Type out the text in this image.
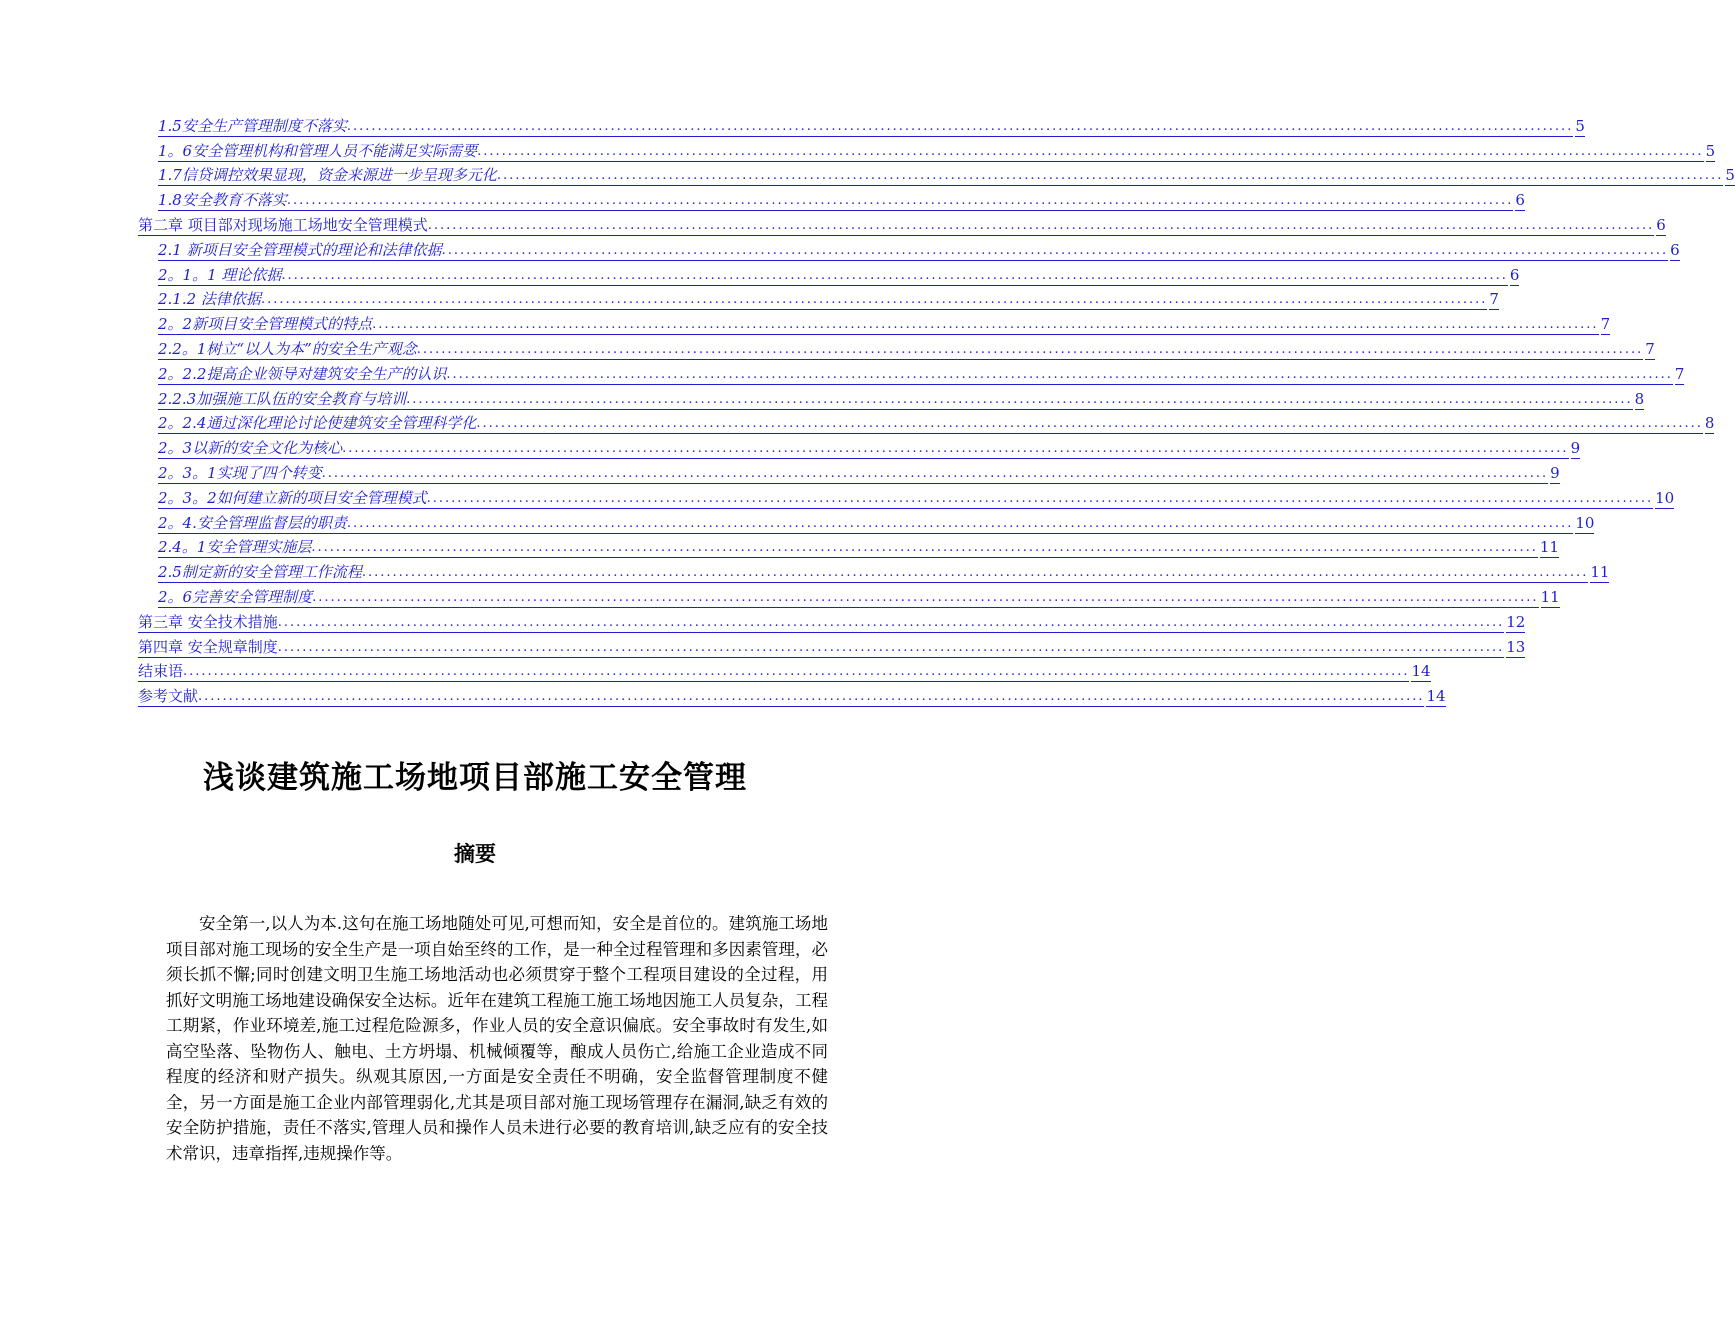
1.5安全生产管理制度不落实 ........................................................................................................................................................................................................ 5
1。6安全管理机构和管理人员不能满足实际需要 ........................................................................................................................................................................................................ 5
1.7信贷调控效果显现，资金来源进一步呈现多元化 ........................................................................................................................................................................................................ 5
1.8安全教育不落实 ........................................................................................................................................................................................................ 6
第二章 项目部对现场施工场地安全管理模式 ........................................................................................................................................................................................................ 6
2.1 新项目安全管理模式的理论和法律依据 ........................................................................................................................................................................................................ 6
2。1。1 理论依据 ........................................................................................................................................................................................................ 6
2.1.2 法律依据 ........................................................................................................................................................................................................ 7
2。2新项目安全管理模式的特点 ........................................................................................................................................................................................................ 7
2.2。1树立“以人为本”的安全生产观念 ........................................................................................................................................................................................................ 7
2。2.2提高企业领导对建筑安全生产的认识 ........................................................................................................................................................................................................ 7
2.2.3加强施工队伍的安全教育与培训 ........................................................................................................................................................................................................ 8
2。2.4通过深化理论讨论使建筑安全管理科学化 ........................................................................................................................................................................................................ 8
2。3以新的安全文化为核心 ........................................................................................................................................................................................................ 9
2。3。1实现了四个转变 ........................................................................................................................................................................................................ 9
2。3。2如何建立新的项目安全管理模式 ........................................................................................................................................................................................................ 10
2。4.安全管理监督层的职责 ........................................................................................................................................................................................................ 10
2.4。1安全管理实施层 ........................................................................................................................................................................................................ 11
2.5制定新的安全管理工作流程 ........................................................................................................................................................................................................ 11
2。6完善安全管理制度 ........................................................................................................................................................................................................ 11
第三章 安全技术措施 ........................................................................................................................................................................................................ 12
第四章 安全规章制度 ........................................................................................................................................................................................................ 13
结束语 ........................................................................................................................................................................................................ 14
参考文献 ........................................................................................................................................................................................................ 14
浅谈建筑施工场地项目部施工安全管理
摘要

安全第一,以人为本.这句在施工场地随处可见,可想而知，安全是首位的。建筑施工场地项目部对施工现场的安全生产是一项自始至终的工作，是一种全过程管理和多因素管理，必须长抓不懈;同时创建文明卫生施工场地活动也必须贯穿于整个工程项目建设的全过程，用抓好文明施工场地建设确保安全达标。近年在建筑工程施工施工场地因施工人员复杂，工程工期紧，作业环境差,施工过程危险源多，作业人员的安全意识偏底。安全事故时有发生,如高空坠落、坠物伤人、触电、土方坍塌、机械倾覆等，酿成人员伤亡,给施工企业造成不同程度的经济和财产损失。纵观其原因,一方面是安全责任不明确，安全监督管理制度不健全，另一方面是施工企业内部管理弱化,尤其是项目部对施工现场管理存在漏洞,缺乏有效的安全防护措施，责任不落实,管理人员和操作人员未进行必要的教育培训,缺乏应有的安全技术常识，违章指挥,违规操作等。
